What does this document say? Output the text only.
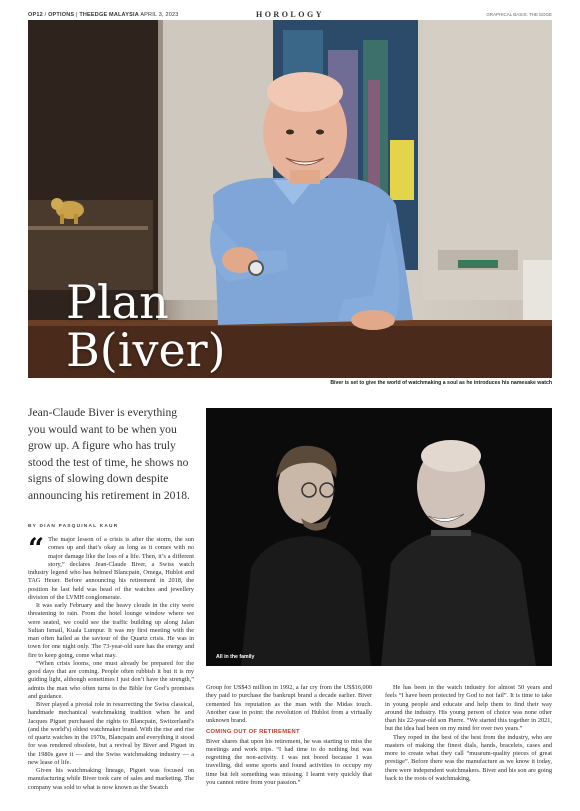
OP12 / OPTIONS | THEEDGE MALAYSIA APRIL 3, 2023	HOROLOGY	GRAPHICAL BASIS: THE EDGE
Plan
B(iver)
Biver is set to give the world of watchmaking a soul as he introduces his namesake watch
Jean-Claude Biver is everything you would want to be when you grow up. A figure who has truly stood the test of time, he shows no signs of slowing down despite announcing his retirement in 2018.
BY DIAN PASQUINAL KAUR

“ The major lesson of a crisis is after the storm, the sun comes up and that’s okay as long as it comes with no major damage like the loss of a life. Then, it’s a different story,” declares Jean-Claude Biver, a Swiss watch industry legend who has helmed Blancpain, Omega, Hublot and TAG Heuer. Before announcing his retirement in 2018, the position he last held was head of the watches and jewellery division of the LVMH conglomerate.

It was early February and the heavy clouds in the city were threatening to rain. From the hotel lounge window where we were seated, we could see the traffic building up along Jalan Sultan Ismail, Kuala Lumpur. It was my first meeting with the man often hailed as the saviour of the Quartz crisis. He was in town for one night only. The 73-year-old sure has the energy and fire to keep going, come what may.

“When crisis looms, one must already be prepared for the good days that are coming. People often rubbish it but it is my guiding light, although sometimes I just don’t have the strength,” admits the man who often turns to the Bible for God’s promises and guidance.

Biver played a pivotal role in resurrecting the Swiss classical, handmade mechanical watchmaking tradition when he and Jacques Piguet purchased the rights to Blancpain, Switzerland’s (and the world’s) oldest watchmaker brand. With the rise and rise of quartz watches in the 1970s, Blancpain and everything it stood for was rendered obsolete, but a revival by Biver and Piguet in the 1980s gave it — and the Swiss watchmaking industry — a new lease of life.

Given his watchmaking lineage, Piguet was focused on manufacturing while Biver took care of sales and marketing. The company was sold to what is now known as the Swatch

All in the family

Group for US$43 million in 1992, a far cry from the US$16,000 they paid to purchase the bankrupt brand a decade earlier. Biver cemented his reputation as the man with the Midas touch. Another case in point: the revolution of Hublot from a virtually unknown brand.

COMING OUT OF RETIREMENT

Biver shares that upon his retirement, he was starting to miss the meetings and work trips. “I had time to do nothing but was regretting the non-activity. I was not bored because I was travelling, did some sports and found activities to occupy my time but felt something was missing. I learnt very quickly that you cannot retire from your passion.”

He has been in the watch industry for almost 50 years and feels “I have been protected by God to not fail”. It is time to take in young people and educate and help them to find their way around the industry. His young person of choice was none other than his 22-year-old son Pierre. “We started this together in 2021, but the idea had been on my mind for over two years.”

They roped in the best of the best from the industry, who are masters of making the finest dials, hands, bracelets, cases and more to create what they call “museum-quality pieces of great prestige”. Before there was the manufacture as we know it today, there were independent watchmakers. Biver and his son are going back to the roots of watchmaking,
